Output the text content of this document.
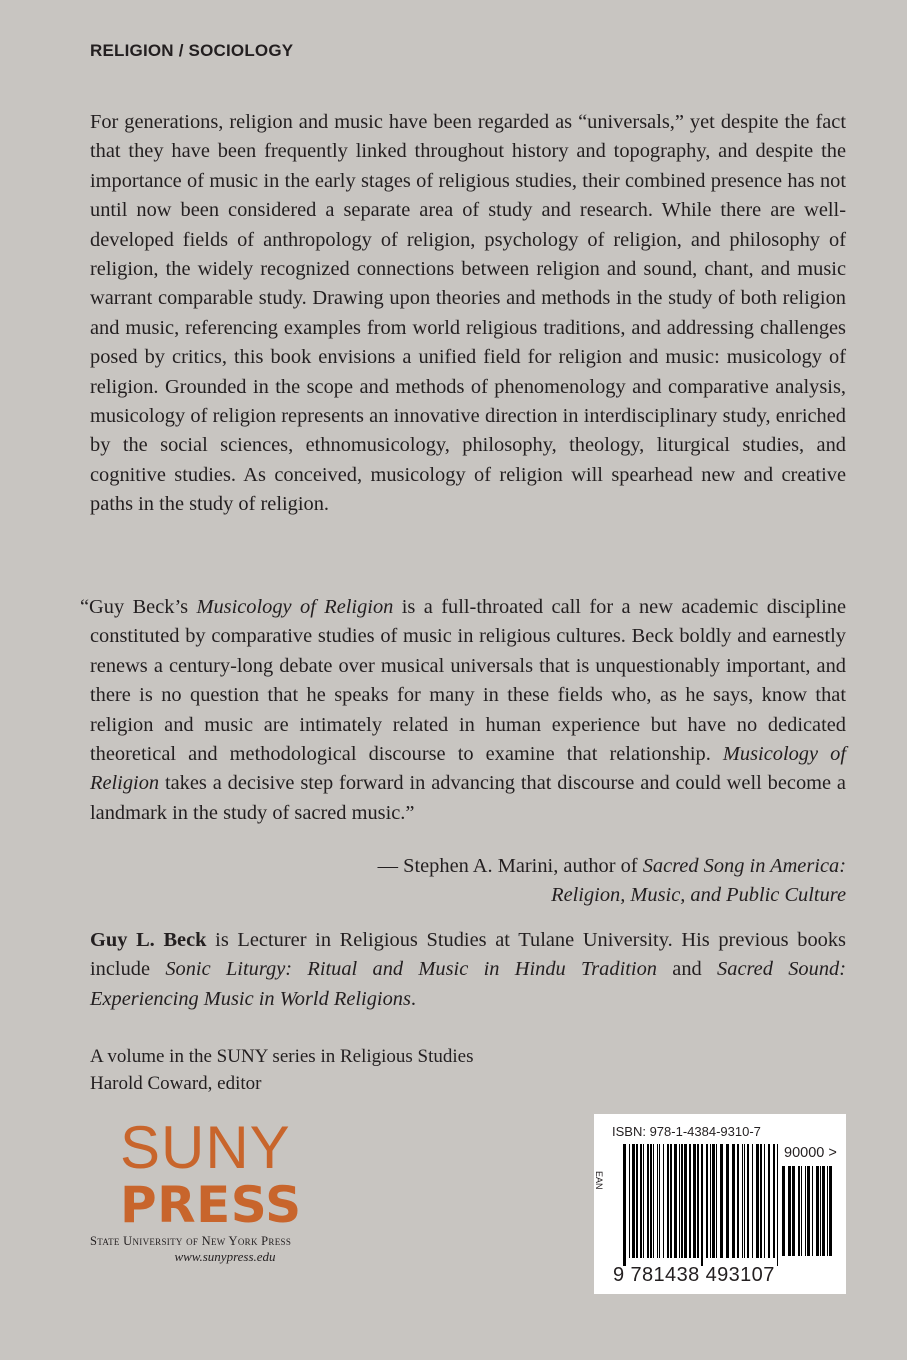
RELIGION / SOCIOLOGY
For generations, religion and music have been regarded as “universals,” yet despite the fact that they have been frequently linked throughout history and topography, and despite the importance of music in the early stages of religious studies, their combined presence has not until now been considered a separate area of study and research. While there are well-developed fields of anthropology of religion, psychology of religion, and philosophy of religion, the widely recognized connections between religion and sound, chant, and music warrant comparable study. Drawing upon theories and methods in the study of both religion and music, referencing examples from world religious traditions, and addressing challenges posed by critics, this book envisions a unified field for religion and music: musicology of religion. Grounded in the scope and methods of phenomenology and comparative analysis, musicology of religion represents an innovative direction in interdisciplinary study, enriched by the social sciences, ethnomusicology, philosophy, theology, liturgical studies, and cognitive studies. As conceived, musicology of religion will spearhead new and creative paths in the study of religion.
“Guy Beck’s Musicology of Religion is a full-throated call for a new academic discipline constituted by comparative studies of music in religious cultures. Beck boldly and earnestly renews a century-long debate over musical universals that is unquestionably important, and there is no question that he speaks for many in these fields who, as he says, know that religion and music are intimately related in human experience but have no dedicated theoretical and methodological discourse to examine that relationship. Musicology of Religion takes a decisive step forward in advancing that discourse and could well become a landmark in the study of sacred music.”
— Stephen A. Marini, author of Sacred Song in America:
Religion, Music, and Public Culture
Guy L. Beck is Lecturer in Religious Studies at Tulane University. His previous books include Sonic Liturgy: Ritual and Music in Hindu Tradition and Sacred Sound: Experiencing Music in World Religions.
A volume in the SUNY series in Religious Studies
Harold Coward, editor
SUNY
PRESS
State University of New York Press
www.sunypress.edu
ISBN: 978-1-4384-9310-7
EAN
90000 >
9 781438 493107
